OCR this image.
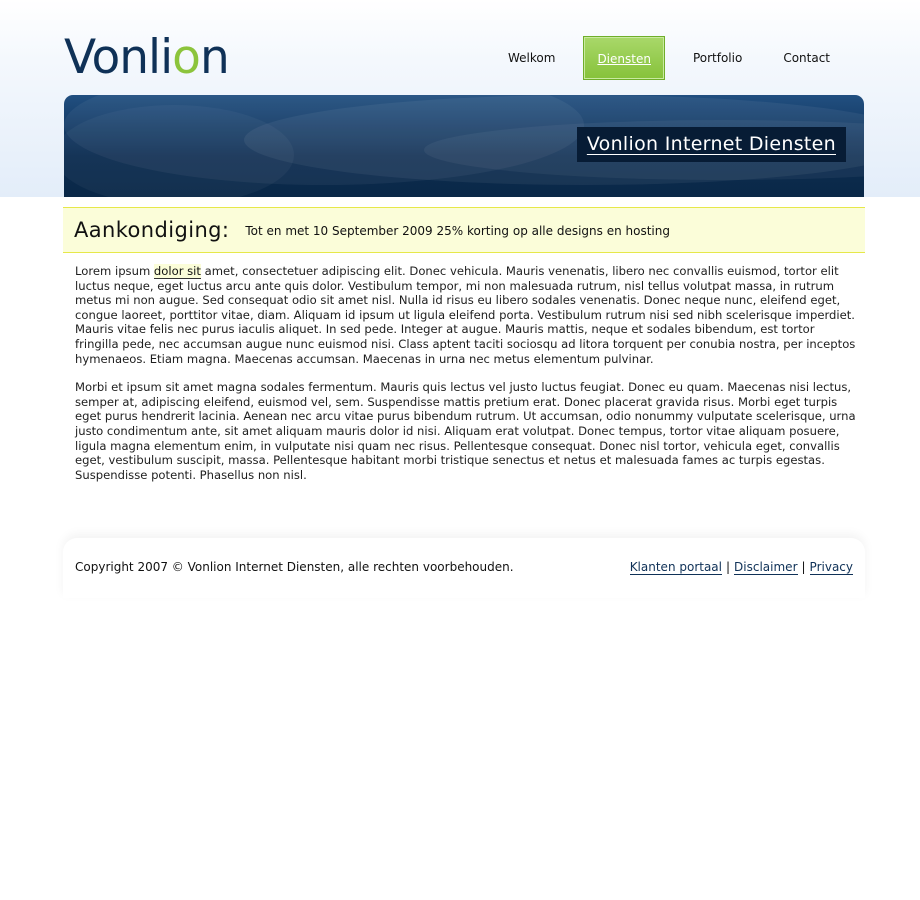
Vonlion	Welkom	Diensten	Portfolio	Contact
Vonlion Internet Diensten
Aankondiging: Tot en met 10 September 2009 25% korting op alle designs en hosting

Lorem ipsum dolor sit amet, consectetuer adipiscing elit. Donec vehicula. Mauris venenatis, libero nec convallis euismod, tortor elit luctus neque, eget luctus arcu ante quis dolor. Vestibulum tempor, mi non malesuada rutrum, nisl tellus volutpat massa, in rutrum metus mi non augue. Sed consequat odio sit amet nisl. Nulla id risus eu libero sodales venenatis. Donec neque nunc, eleifend eget, congue laoreet, porttitor vitae, diam. Aliquam id ipsum ut ligula eleifend porta. Vestibulum rutrum nisi sed nibh scelerisque imperdiet. Mauris vitae felis nec purus iaculis aliquet. In sed pede. Integer at augue. Mauris mattis, neque et sodales bibendum, est tortor fringilla pede, nec accumsan augue nunc euismod nisi. Class aptent taciti sociosqu ad litora torquent per conubia nostra, per inceptos hymenaeos. Etiam magna. Maecenas accumsan. Maecenas in urna nec metus elementum pulvinar.

Morbi et ipsum sit amet magna sodales fermentum. Mauris quis lectus vel justo luctus feugiat. Donec eu quam. Maecenas nisi lectus, semper at, adipiscing eleifend, euismod vel, sem. Suspendisse mattis pretium erat. Donec placerat gravida risus. Morbi eget turpis eget purus hendrerit lacinia. Aenean nec arcu vitae purus bibendum rutrum. Ut accumsan, odio nonummy vulputate scelerisque, urna justo condimentum ante, sit amet aliquam mauris dolor id nisi. Aliquam erat volutpat. Donec tempus, tortor vitae aliquam posuere, ligula magna elementum enim, in vulputate nisi quam nec risus. Pellentesque consequat. Donec nisl tortor, vehicula eget, convallis eget, vestibulum suscipit, massa. Pellentesque habitant morbi tristique senectus et netus et malesuada fames ac turpis egestas. Suspendisse potenti. Phasellus non nisl.

Copyright 2007 © Vonlion Internet Diensten, alle rechten voorbehouden.	Klanten portaal | Disclaimer | Privacy
